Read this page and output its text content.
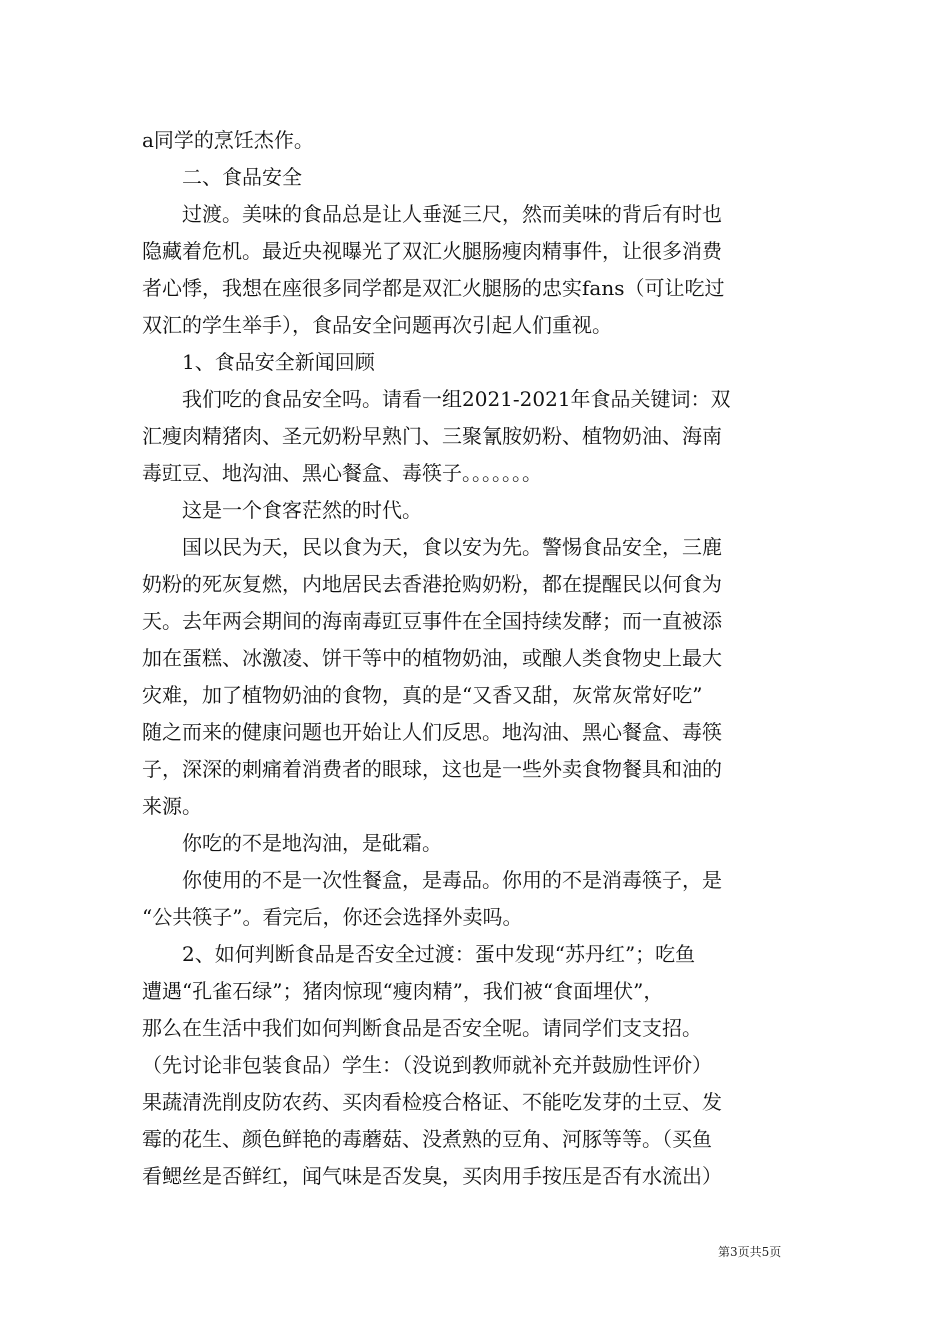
a同学的烹饪杰作。
　　二、食品安全
　　过渡。美味的食品总是让人垂涎三尺，然而美味的背后有时也
隐藏着危机。最近央视曝光了双汇火腿肠瘦肉精事件，让很多消费
者心悸，我想在座很多同学都是双汇火腿肠的忠实fans（可让吃过
双汇的学生举手），食品安全问题再次引起人们重视。
　　1、食品安全新闻回顾
　　我们吃的食品安全吗。请看一组2021-2021年食品关键词：双
汇瘦肉精猪肉、圣元奶粉早熟门、三聚氰胺奶粉、植物奶油、海南
毒豇豆、地沟油、黑心餐盒、毒筷子。。。。。。。
　　这是一个食客茫然的时代。
　　国以民为天，民以食为天，食以安为先。警惕食品安全，三鹿
奶粉的死灰复燃，内地居民去香港抢购奶粉，都在提醒民以何食为
天。去年两会期间的海南毒豇豆事件在全国持续发酵；而一直被添
加在蛋糕、冰激凌、饼干等中的植物奶油，或酿人类食物史上最大
灾难，加了植物奶油的食物，真的是“又香又甜，灰常灰常好吃”
随之而来的健康问题也开始让人们反思。地沟油、黑心餐盒、毒筷
子，深深的刺痛着消费者的眼球，这也是一些外卖食物餐具和油的
来源。
　　你吃的不是地沟油，是砒霜。
　　你使用的不是一次性餐盒，是毒品。你用的不是消毒筷子，是
“公共筷子”。看完后，你还会选择外卖吗。
　　2、如何判断食品是否安全过渡：蛋中发现“苏丹红”；吃鱼
遭遇“孔雀石绿”；猪肉惊现“瘦肉精”，我们被“食面埋伏”，
那么在生活中我们如何判断食品是否安全呢。请同学们支支招。
（先讨论非包装食品）学生：（没说到教师就补充并鼓励性评价）
果蔬清洗削皮防农药、买肉看检疫合格证、不能吃发芽的土豆、发
霉的花生、颜色鲜艳的毒蘑菇、没煮熟的豆角、河豚等等。（买鱼
看鳃丝是否鲜红，闻气味是否发臭，买肉用手按压是否有水流出）
第3页共5页
